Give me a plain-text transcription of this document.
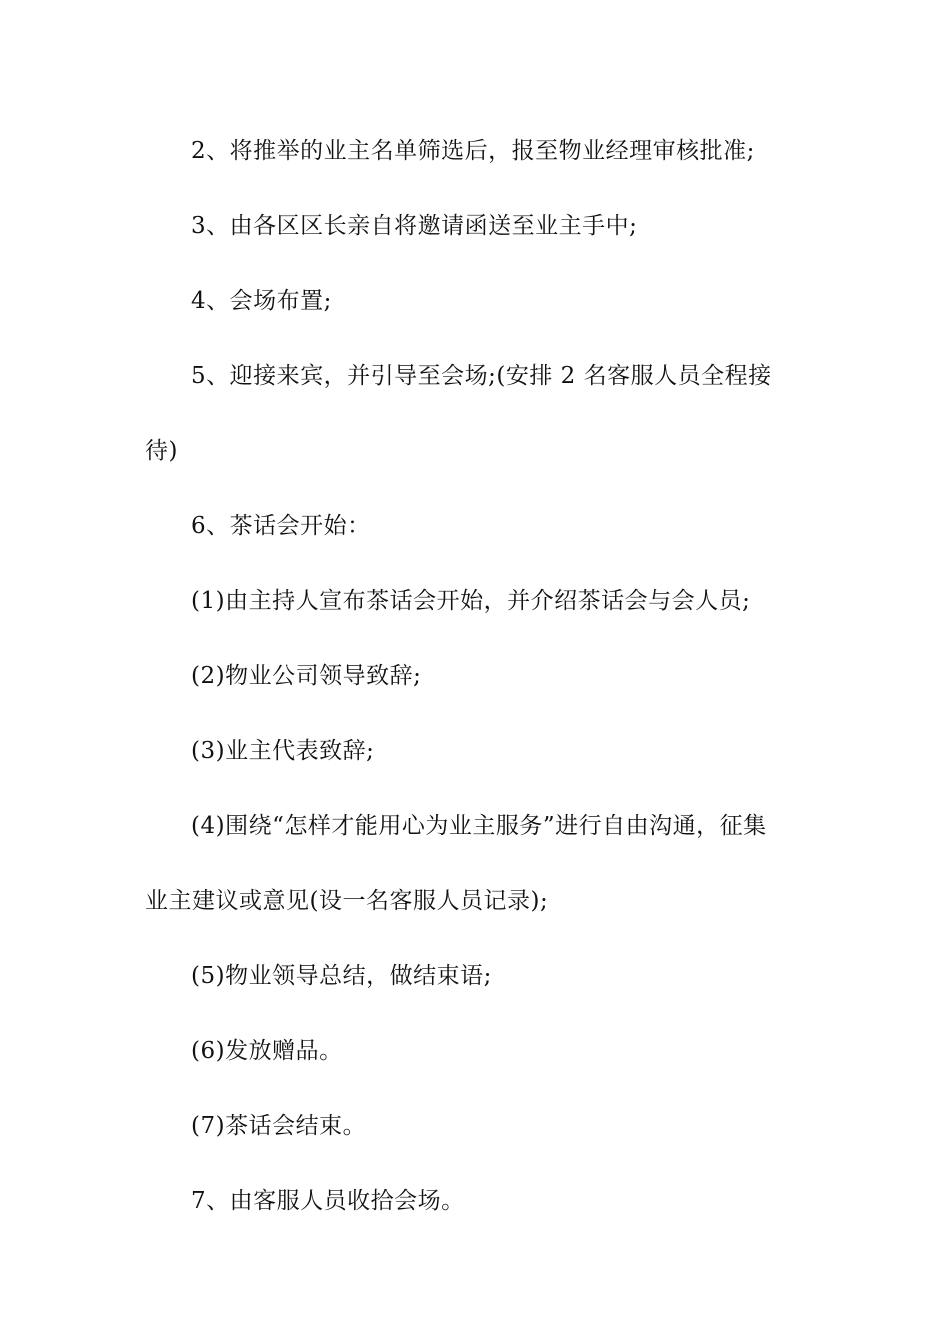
2、将推举的业主名单筛选后，报至物业经理审核批准;
3、由各区区长亲自将邀请函送至业主手中;
4、会场布置;
5、迎接来宾，并引导至会场;(安排 2 名客服人员全程接
待)
6、茶话会开始：
(1)由主持人宣布茶话会开始，并介绍茶话会与会人员;
(2)物业公司领导致辞;
(3)业主代表致辞;
(4)围绕“怎样才能用心为业主服务”进行自由沟通，征集
业主建议或意见(设一名客服人员记录);
(5)物业领导总结，做结束语;
(6)发放赠品。
(7)茶话会结束。
7、由客服人员收拾会场。
